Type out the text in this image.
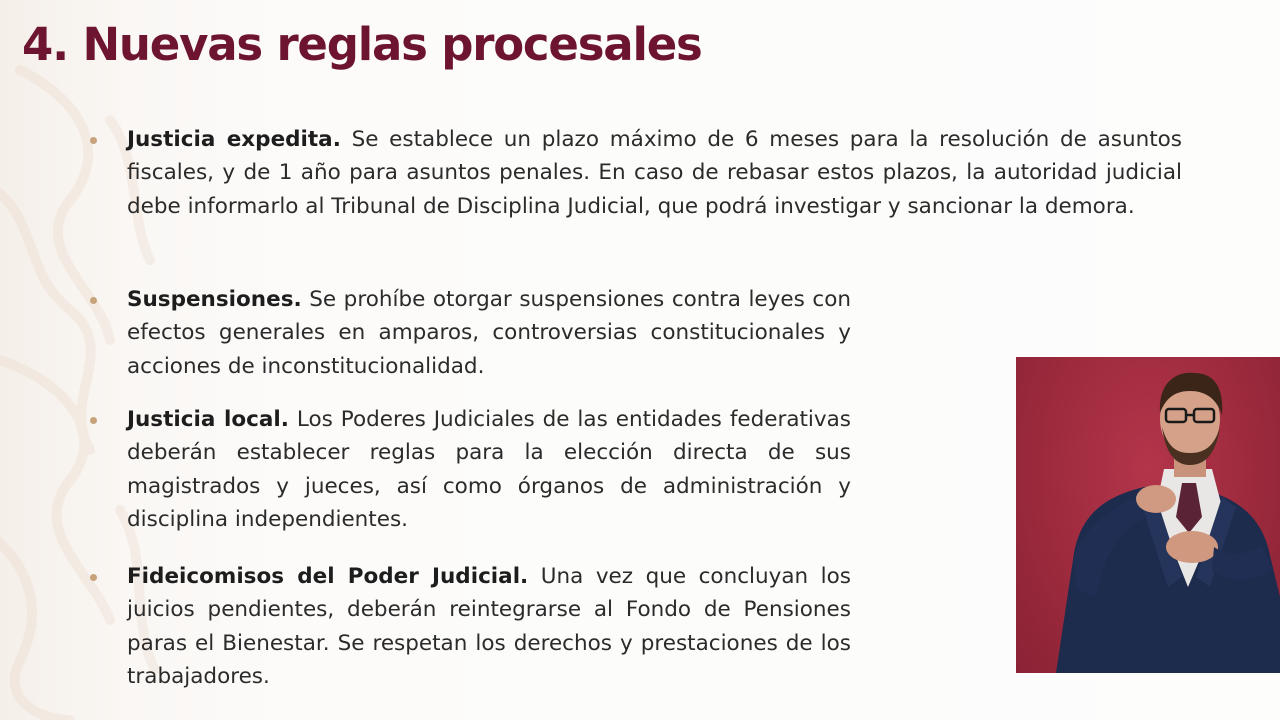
4. Nuevas reglas procesales

Justicia expedita. Se establece un plazo máximo de 6 meses para la resolución de asuntos fiscales, y de 1 año para asuntos penales. En caso de rebasar estos plazos, la autoridad judicial debe informarlo al Tribunal de Disciplina Judicial, que podrá investigar y sancionar la demora.

Suspensiones. Se prohíbe otorgar suspensiones contra leyes con efectos generales en amparos, controversias constitucionales y acciones de inconstitucionalidad.

Justicia local. Los Poderes Judiciales de las entidades federativas deberán establecer reglas para la elección directa de sus magistrados y jueces, así como órganos de administración y disciplina independientes.

Fideicomisos del Poder Judicial. Una vez que concluyan los juicios pendientes, deberán reintegrarse al Fondo de Pensiones paras el Bienestar. Se respetan los derechos y prestaciones de los trabajadores.
